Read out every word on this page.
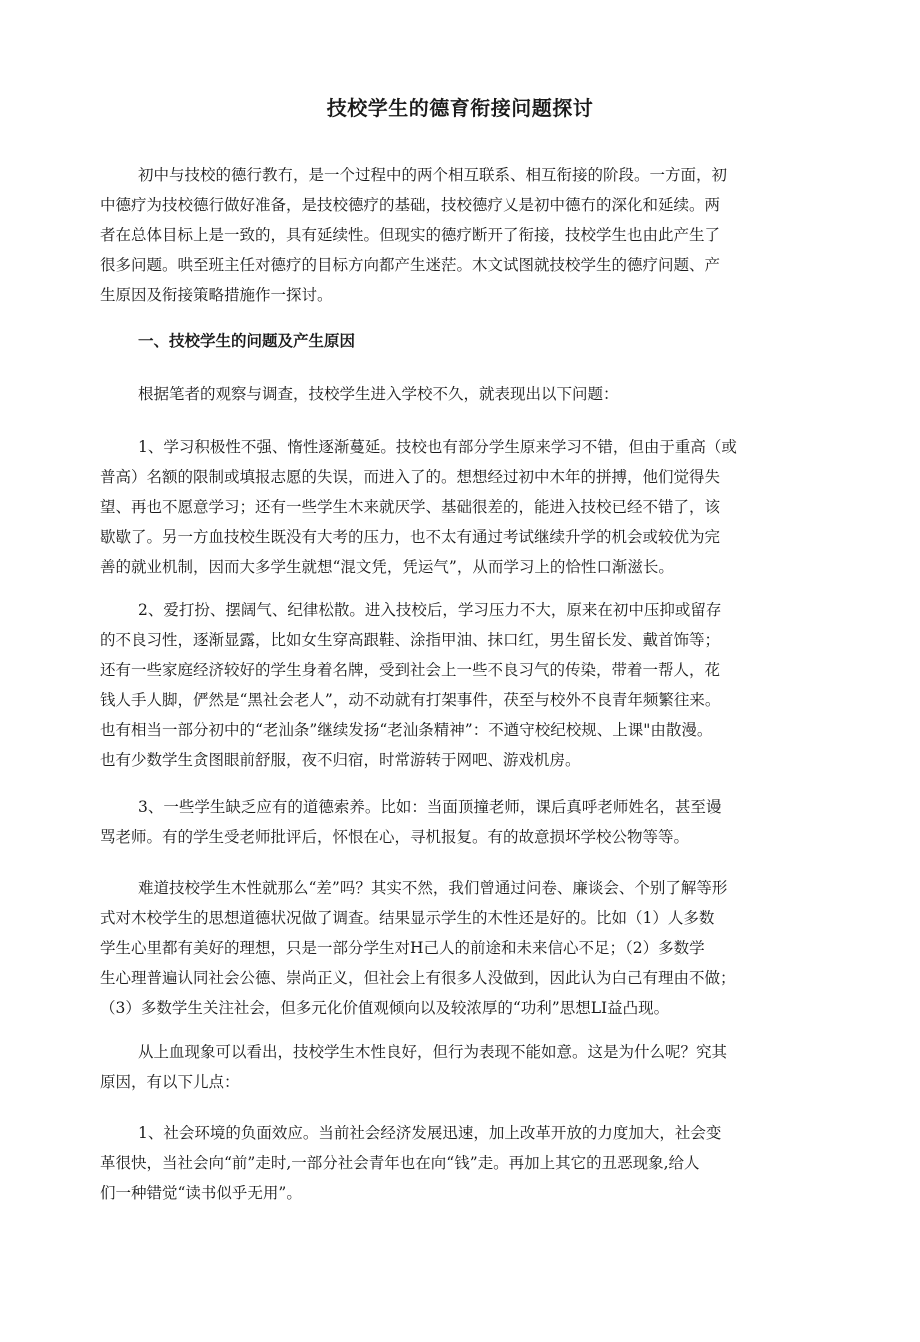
技校学生的德育衔接问题探讨
初中与技校的德行教冇，是一个过程中的两个相互联系、相互衔接的阶段。一方面，初
中德疗为技校德行做好准备，是技校德疗的基础，技校德疗乂是初中德冇的深化和延续。两
者在总体目标上是一致的，具有延续性。但现实的德疗断开了衔接，技校学生也由此产生了
很多问题。哄至班主任对德疗的目标方向都产生迷茫。木文试图就技校学生的德疗问题、产
生原因及衔接策略措施作一探讨。
一、技校学生的问题及产生原因
根据笔者的观察与调查，技校学生进入学校不久，就表现出以下问题：
1、学习积极性不强、惰性逐渐蔓延。技校也有部分学生原来学习不错，但由于重高（或
普高）名额的限制或填报志愿的失误，而进入了的。想想经过初中木年的拼搏，他们觉得失
望、再也不愿意学习；还有一些学生木来就厌学、基础很差的，能进入技校已经不错了，该
歇歇了。另一方血技校生既没有大考的压力，也不太有通过考试继续升学的机会或较优为完
善的就业机制，因而大多学生就想“混文凭，凭运气”，从而学习上的恰性口渐滋长。
2、爱打扮、摆阔气、纪律松散。进入技校后，学习压力不大，原来在初中压抑或留存
的不良习性，逐渐显露，比如女生穿高跟鞋、涂指甲油、抹口红，男生留长发、戴首饰等；
还有一些家庭经济较好的学生身着名牌，受到社会上一些不良习气的传染，带着一帮人，花
钱人手人脚，俨然是“黑社会老人”，动不动就有打架事件，茯至与校外不良青年频繁往来。
也有相当一部分初中的“老汕条”继续发扬“老汕条精神”：不遒守校纪校规、上课"由散漫。
也有少数学生贪图眼前舒服，夜不归宿，时常游转于网吧、游戏机房。
3、一些学生缺乏应有的道德索养。比如：当面顶撞老师，课后真呼老师姓名，甚至谩
骂老师。有的学生受老师批评后，怀恨在心，寻机报复。有的故意损坏学校公物等等。
难道技校学生木性就那么“差”吗？其实不然，我们曾通过问卷、廉谈会、个别了解等形
式对木校学生的思想道德状况做了调查。结果显示学生的木性还是好的。比如（1）人多数
学生心里都有美好的理想，只是一部分学生对H己人的前途和未来信心不足；（2）多数学
生心理普遍认同社会公德、崇尚正义，但社会上有很多人没做到，因此认为白己有理由不做；
（3）多数学生关注社会，但多元化价值观倾向以及较浓厚的“功利”思想LI益凸现。
从上血现象可以看出，技校学生木性良好，但行为表现不能如意。这是为什么呢？究其
原因，有以下儿点：
1、社会环境的负面效应。当前社会经济发展迅速，加上改革开放的力度加大，社会变
革很快，当社会向“前”走时,一部分社会青年也在向“钱”走。再加上其它的丑恶现象,给人
们一种错觉“读书似乎无用”。
